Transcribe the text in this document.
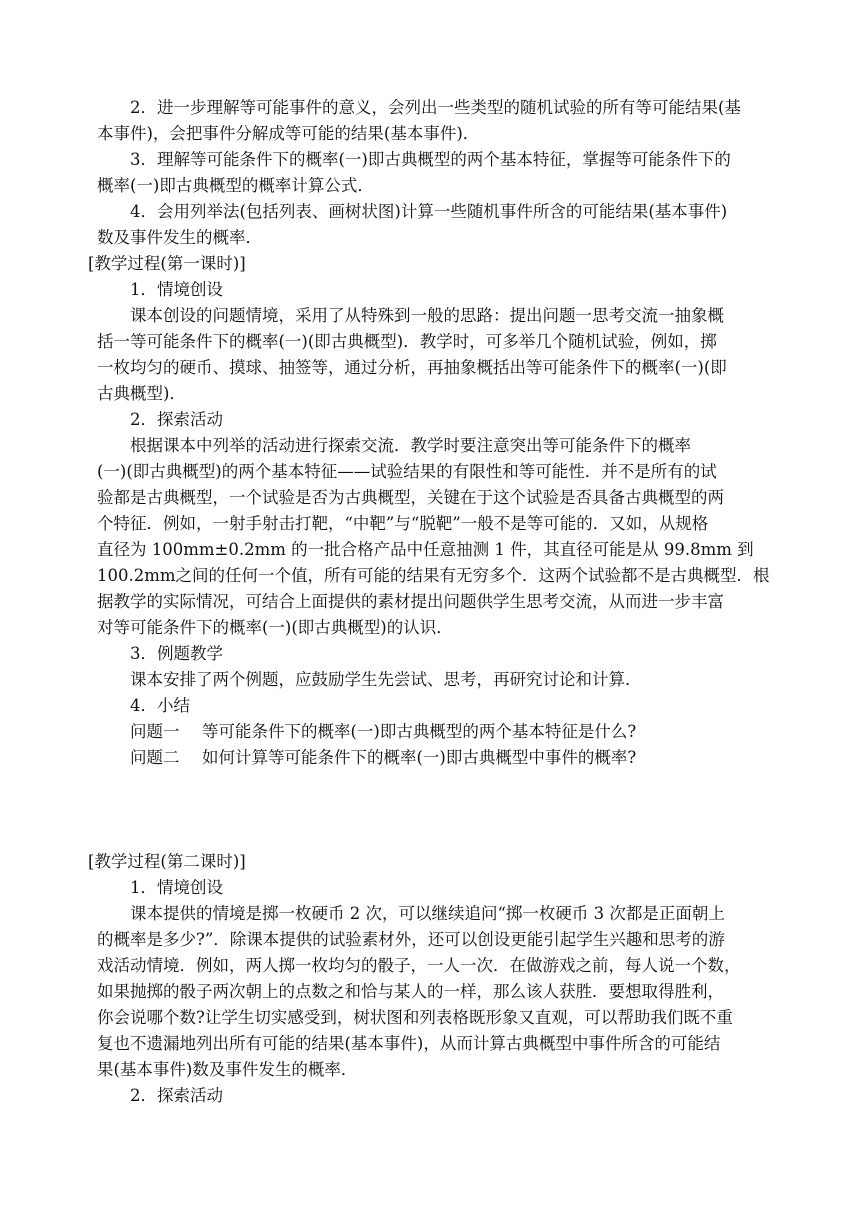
2．进一步理解等可能事件的意义，会列出一些类型的随机试验的所有等可能结果(基
本事件)，会把事件分解成等可能的结果(基本事件)．
3．理解等可能条件下的概率(一)即古典概型的两个基本特征，掌握等可能条件下的
概率(一)即古典概型的概率计算公式．
4．会用列举法(包括列表、画树状图)计算一些随机事件所含的可能结果(基本事件)
数及事件发生的概率．
[教学过程(第一课时)]
1．情境创设
课本创设的问题情境，采用了从特殊到一般的思路：提出问题一思考交流一抽象概
括一等可能条件下的概率(一)(即古典概型)．教学时，可多举几个随机试验，例如，掷
一枚均匀的硬币、摸球、抽签等，通过分析，再抽象概括出等可能条件下的概率(一)(即
古典概型)．
2．探索活动
根据课本中列举的活动进行探索交流．教学时要注意突出等可能条件下的概率
(一)(即古典概型)的两个基本特征——试验结果的有限性和等可能性．并不是所有的试
验都是古典概型，一个试验是否为古典概型，关键在于这个试验是否具备古典概型的两
个特征．例如，一射手射击打靶，“中靶”与“脱靶”一般不是等可能的．又如，从规格
直径为 100mm±0.2mm 的一批合格产品中任意抽测 1 件，其直径可能是从 99.8mm 到
100.2mm之间的任何一个值，所有可能的结果有无穷多个．这两个试验都不是古典概型．根
据教学的实际情况，可结合上面提供的素材提出问题供学生思考交流，从而进一步丰富
对等可能条件下的概率(一)(即古典概型)的认识．
3．例题教学
课本安排了两个例题，应鼓励学生先尝试、思考，再研究讨论和计算．
4．小结
问题一 等可能条件下的概率(一)即古典概型的两个基本特征是什么?
问题二 如何计算等可能条件下的概率(一)即古典概型中事件的概率?
[教学过程(第二课时)]
1．情境创设
课本提供的情境是掷一枚硬币 2 次，可以继续追问“掷一枚硬币 3 次都是正面朝上
的概率是多少?”．除课本提供的试验素材外，还可以创设更能引起学生兴趣和思考的游
戏活动情境．例如，两人掷一枚均匀的骰子，一人一次．在做游戏之前，每人说一个数，
如果抛掷的骰子两次朝上的点数之和恰与某人的一样，那么该人获胜．要想取得胜利，
你会说哪个数?让学生切实感受到，树状图和列表格既形象又直观，可以帮助我们既不重
复也不遗漏地列出所有可能的结果(基本事件)，从而计算古典概型中事件所含的可能结
果(基本事件)数及事件发生的概率．
2．探索活动
